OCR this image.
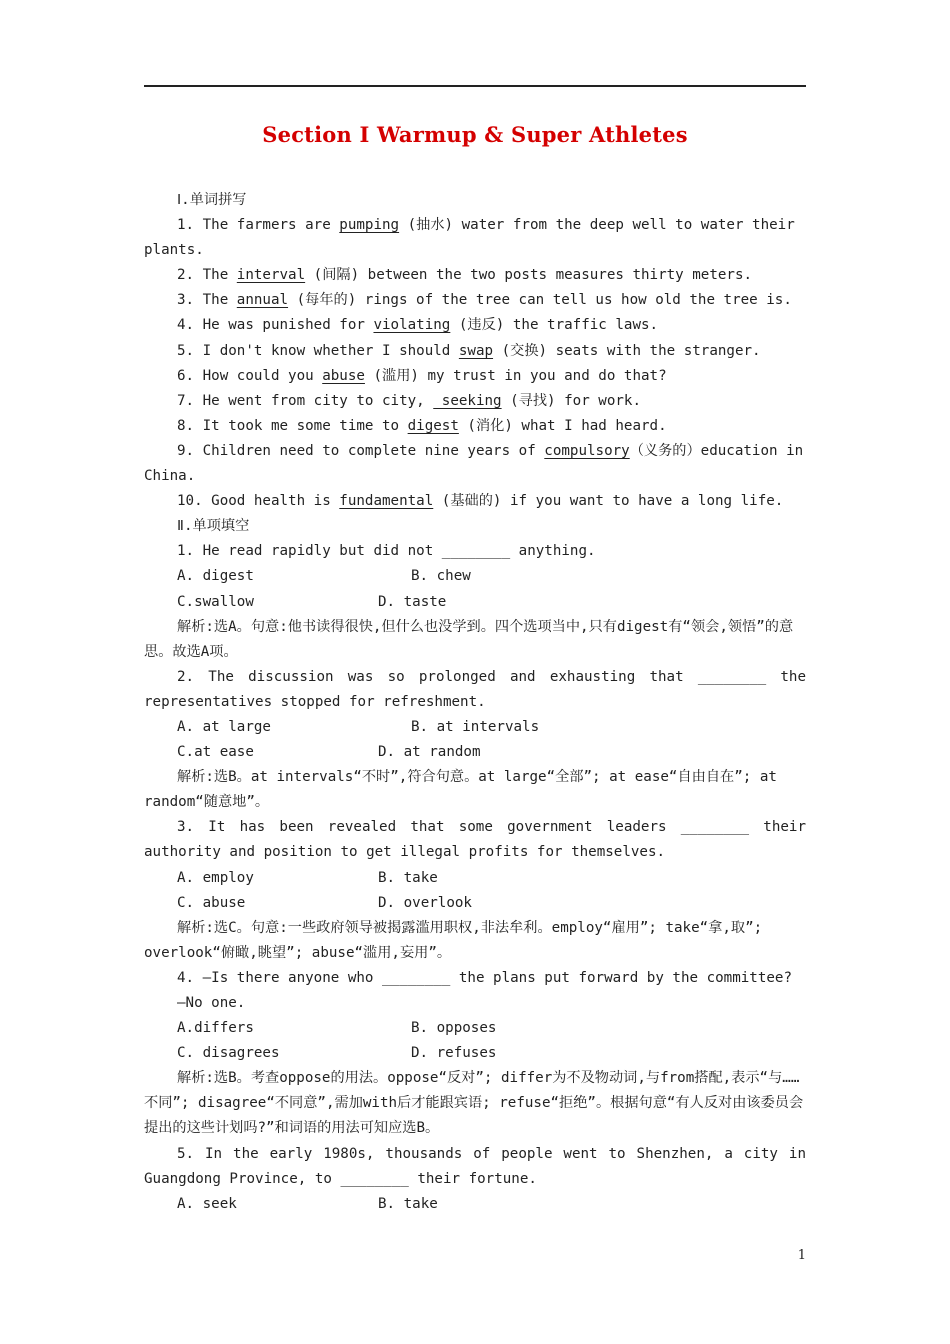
Section Ⅰ Warmup & Super Athletes

Ⅰ.单词拼写

1. The farmers are pumping (抽水) water from the deep well to water their plants.

2. The interval (间隔) between the two posts measures thirty meters.

3. The annual (每年的) rings of the tree can tell us how old the tree is.

4. He was punished for violating (违反) the traffic laws.

5. I don't know whether I should swap (交换) seats with the stranger.

6. How could you abuse (滥用) my trust in you and do that?

7. He went from city to city,  seeking (寻找) for work.

8. It took me some time to digest (消化) what I had heard.

9. Children need to complete nine years of compulsory（义务的）education in China.

10. Good health is fundamental (基础的) if you want to have a long life.

Ⅱ.单项填空

1. He read rapidly but did not ________ anything.

A. digest	B. chew
C.swallow	D. taste

解析:选A。句意:他书读得很快,但什么也没学到。四个选项当中,只有digest有“领会,领悟”的意思。故选A项。

2. The discussion was so prolonged and exhausting that ________ the representatives stopped for refreshment.

A. at large	B. at intervals
C.at ease	D. at random

解析:选B。at intervals“不时”,符合句意。at large“全部”; at ease“自由自在”; at random“随意地”。

3. It has been revealed that some government leaders ________ their authority and position to get illegal profits for themselves.

A. employ	B. take
C. abuse	D. overlook

解析:选C。句意:一些政府领导被揭露滥用职权,非法牟利。employ“雇用”; take“拿,取”; overlook“俯瞰,眺望”; abuse“滥用,妄用”。

4. —Is there anyone who ________ the plans put forward by the committee?

—No one.

A.differs	B. opposes
C. disagrees	D. refuses

解析:选B。考查oppose的用法。oppose“反对”; differ为不及物动词,与from搭配,表示“与……不同”; disagree“不同意”,需加with后才能跟宾语; refuse“拒绝”。根据句意“有人反对由该委员会提出的这些计划吗?”和词语的用法可知应选B。

5. In the early 1980s, thousands of people went to Shenzhen, a city in Guangdong Province, to ________ their fortune.

A. seek	B. take
1
